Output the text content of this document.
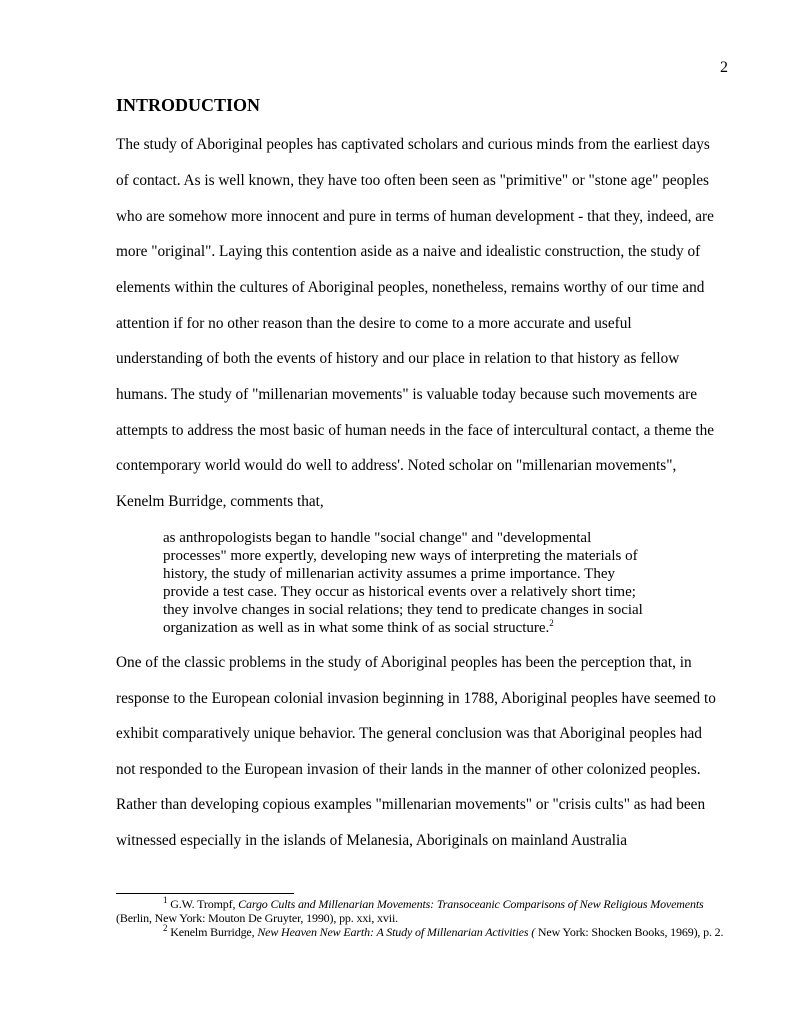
2
INTRODUCTION
The study of Aboriginal peoples has captivated scholars and curious minds from the earliest days
of contact. As is well known, they have too often been seen as "primitive" or "stone age" peoples
who are somehow more innocent and pure in terms of human development - that they, indeed, are
more "original". Laying this contention aside as a naive and idealistic construction, the study of
elements within the cultures of Aboriginal peoples, nonetheless, remains worthy of our time and
attention if for no other reason than the desire to come to a more accurate and useful
understanding of both the events of history and our place in relation to that history as fellow
humans. The study of "millenarian movements" is valuable today because such movements are
attempts to address the most basic of human needs in the face of intercultural contact, a theme the
contemporary world would do well to address'. Noted scholar on "millenarian movements",
Kenelm Burridge, comments that,
as anthropologists began to handle "social change" and "developmental
processes" more expertly, developing new ways of interpreting the materials of
history, the study of millenarian activity assumes a prime importance. They
provide a test case. They occur as historical events over a relatively short time;
they involve changes in social relations; they tend to predicate changes in social
organization as well as in what some think of as social structure.$^2$
One of the classic problems in the study of Aboriginal peoples has been the perception that, in
response to the European colonial invasion beginning in 1788, Aboriginal peoples have seemed to
exhibit comparatively unique behavior. The general conclusion was that Aboriginal peoples had
not responded to the European invasion of their lands in the manner of other colonized peoples.
Rather than developing copious examples "millenarian movements" or "crisis cults" as had been
witnessed especially in the islands of Melanesia, Aboriginals on mainland Australia
$^1$ G.W. Trompf, Cargo Cults and Millenarian Movements: Transoceanic Comparisons of New Religious Movements
(Berlin, New York: Mouton De Gruyter, 1990), pp. xxi, xvii.
$^2$ Kenelm Burridge, New Heaven New Earth: A Study of Millenarian Activities ( New York: Shocken Books, 1969), p. 2.
